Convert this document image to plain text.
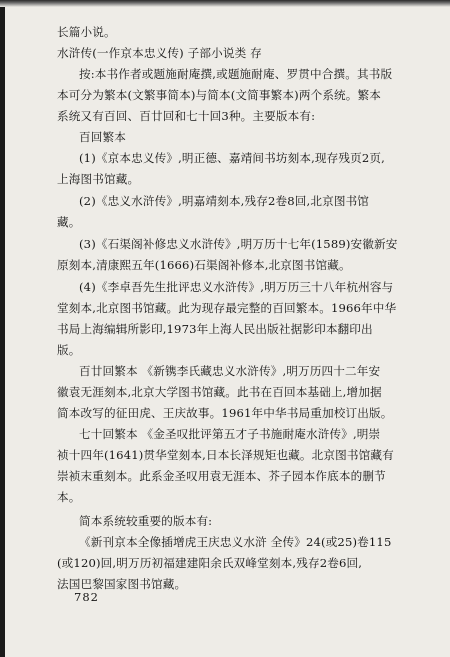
长篇小说。
水浒传(一作京本忠义传) 子部小说类 存
按:本书作者或题施耐庵撰,或题施耐庵、罗贯中合撰。其书版
本可分为繁本(文繁事简本)与简本(文简事繁本)两个系统。繁本
系统又有百回、百廿回和七十回3种。主要版本有:
百回繁本
(1)《京本忠义传》,明正德、嘉靖间书坊刻本,现存残页2页,
上海图书馆藏。
(2)《忠义水浒传》,明嘉靖刻本,残存2卷8回,北京图书馆
藏。
(3)《石渠阁补修忠义水浒传》,明万历十七年(1589)安徽新安
原刻本,清康熙五年(1666)石渠阁补修本,北京图书馆藏。
(4)《李卓吾先生批评忠义水浒传》,明万历三十八年杭州容与
堂刻本,北京图书馆藏。此为现存最完整的百回繁本。1966年中华
书局上海编辑所影印,1973年上海人民出版社据影印本翻印出
版。
百廿回繁本 《新镌李氏藏忠义水浒传》,明万历四十二年安
徽袁无涯刻本,北京大学图书馆藏。此书在百回本基础上,增加据
简本改写的征田虎、王庆故事。1961年中华书局重加校订出版。
七十回繁本 《金圣叹批评第五才子书施耐庵水浒传》,明崇
祯十四年(1641)贯华堂刻本,日本长泽规矩也藏。北京图书馆藏有
崇祯末重刻本。此系金圣叹用袁无涯本、芥子园本作底本的删节
本。
简本系统较重要的版本有:
《新刊京本全像插增虎王庆忠义水浒 全传》24(或25)卷115
(或120)回,明万历初福建建阳余氏双峰堂刻本,残存2卷6回,
法国巴黎国家图书馆藏。
782
